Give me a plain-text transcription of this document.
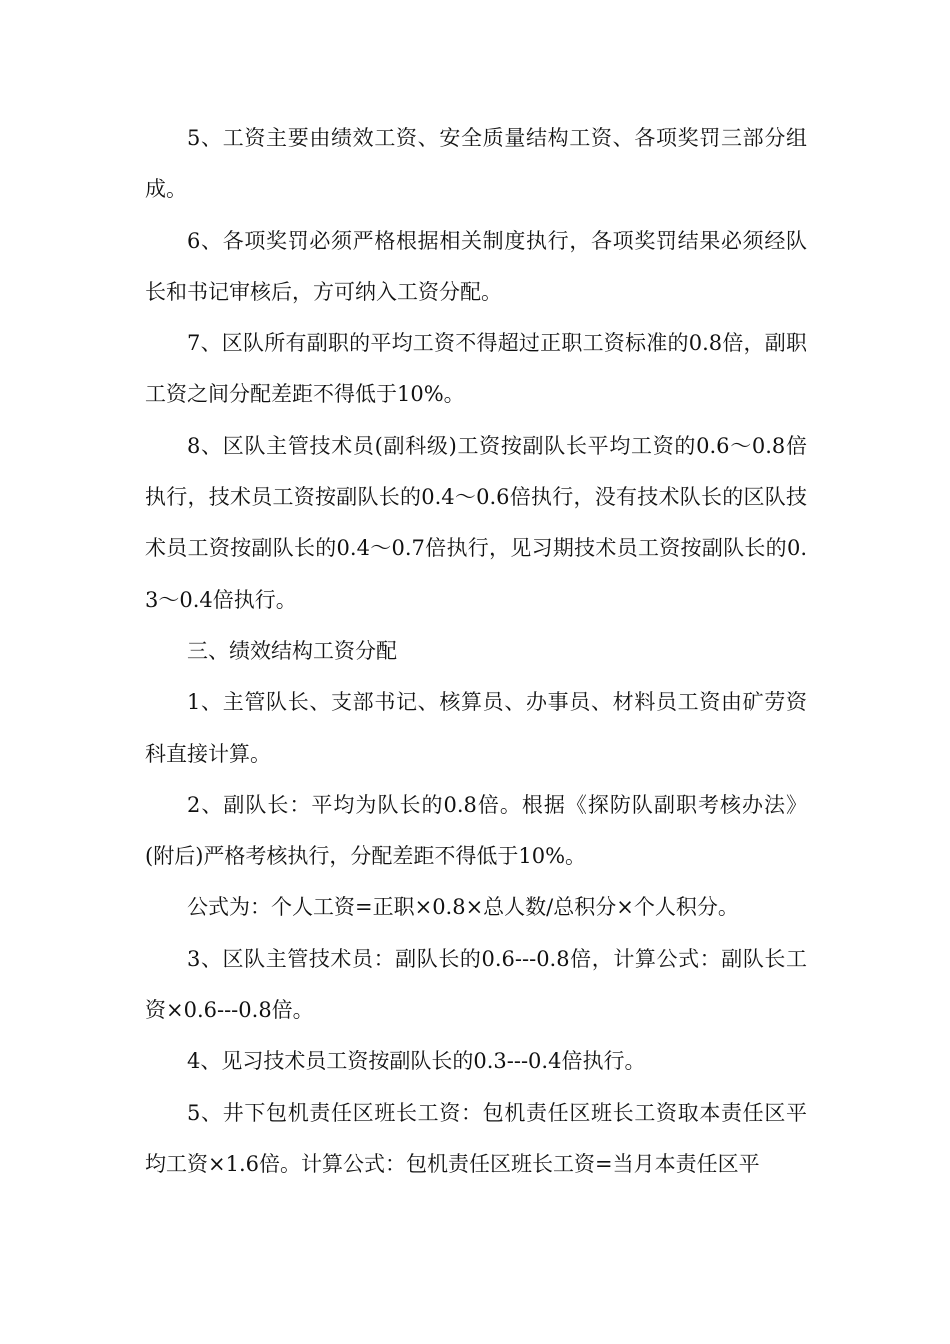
5、工资主要由绩效工资、安全质量结构工资、各项奖罚三部分组成。

6、各项奖罚必须严格根据相关制度执行，各项奖罚结果必须经队长和书记审核后，方可纳入工资分配。

7、区队所有副职的平均工资不得超过正职工资标准的0.8倍，副职工资之间分配差距不得低于10%。

8、区队主管技术员(副科级)工资按副队长平均工资的0.6～0.8倍执行，技术员工资按副队长的0.4～0.6倍执行，没有技术队长的区队技术员工资按副队长的0.4～0.7倍执行，见习期技术员工资按副队长的0.3～0.4倍执行。

三、绩效结构工资分配

1、主管队长、支部书记、核算员、办事员、材料员工资由矿劳资科直接计算。

2、副队长：平均为队长的0.8倍。根据《探防队副职考核办法》(附后)严格考核执行，分配差距不得低于10%。

公式为：个人工资=正职×0.8×总人数/总积分×个人积分。

3、区队主管技术员：副队长的0.6---0.8倍，计算公式：副队长工资×0.6---0.8倍。

4、见习技术员工资按副队长的0.3---0.4倍执行。

5、井下包机责任区班长工资：包机责任区班长工资取本责任区平均工资×1.6倍。计算公式：包机责任区班长工资=当月本责任区平
